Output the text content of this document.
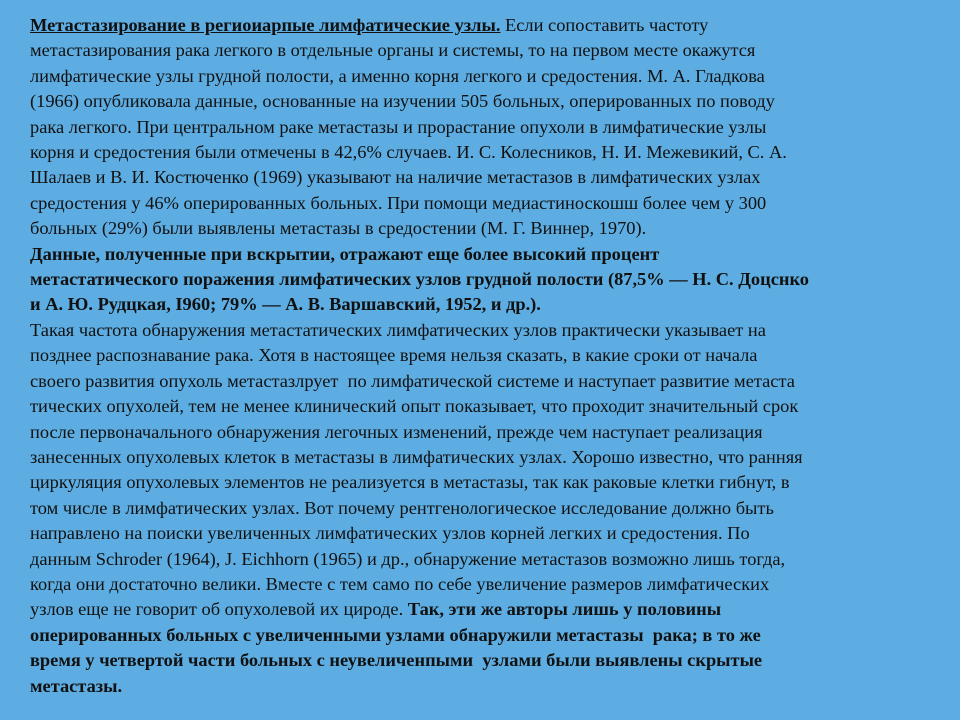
Метастазирование в региоиарпые лимфатические узлы. Если сопоставить частоту
метастазирования рака легкого в отдельные органы и системы, то на первом месте окажутся
лимфатические узлы грудной полости, а именно корня легкого и средостения. М. А. Гладкова
(1966) опубликовала данные, основанные на изучении 505 больных, оперированных по поводу
рака легкого. При центральном раке метастазы и прорастание опухоли в лимфатические узлы
корня и средостения были отмечены в 42,6% случаев. И. С. Колесников, Н. И. Межевикий, С. А.
Шалаев и В. И. Костюченко (1969) указывают на наличие метастазов в лимфатических узлах
средостения у 46% оперированных больных. При помощи медиастиноскошш более чем у 300
больных (29%) были выявлены метастазы в средостении (М. Г. Виннер, 1970).
Данные, полученные при вскрытии, отражают еще более высокий процент
метастатического поражения лимфатических узлов грудной полости (87,5% — Н. С. Доцснко
и А. Ю. Рудцкая, I960; 79% — А. В. Варшавский, 1952, и др.).
Такая частота обнаружения метастатических лимфатических узлов практически указывает на
позднее распознавание рака. Хотя в настоящее время нельзя сказать, в какие сроки от начала
своего развития опухоль метастазлрует  по лимфатической системе и наступает развитие метаста
тических опухолей, тем не менее клинический опыт показывает, что проходит значительный срок
после первоначального обнаружения легочных изменений, прежде чем наступает реализация
занесенных опухолевых клеток в метастазы в лимфатических узлах. Хорошо известно, что ранняя
циркуляция опухолевых элементов не реализуется в метастазы, так как раковые клетки гибнут, в
том числе в лимфатических узлах. Вот почему рентгенологическое исследование должно быть
направлено на поиски увеличенных лимфатических узлов корней легких и средостения. По
данным Schroder (1964), J. Eichhorn (1965) и др., обнаружение метастазов возможно лишь тогда,
когда они достаточно велики. Вместе с тем само по себе увеличение размеров лимфатических
узлов еще не говорит об опухолевой их цироде. Так, эти же авторы лишь у половины
оперированных больных с увеличенными узлами обнаружили метастазы  рака; в то же
время у четвертой части больных с неувеличенпыми  узлами были выявлены скрытые
метастазы.
